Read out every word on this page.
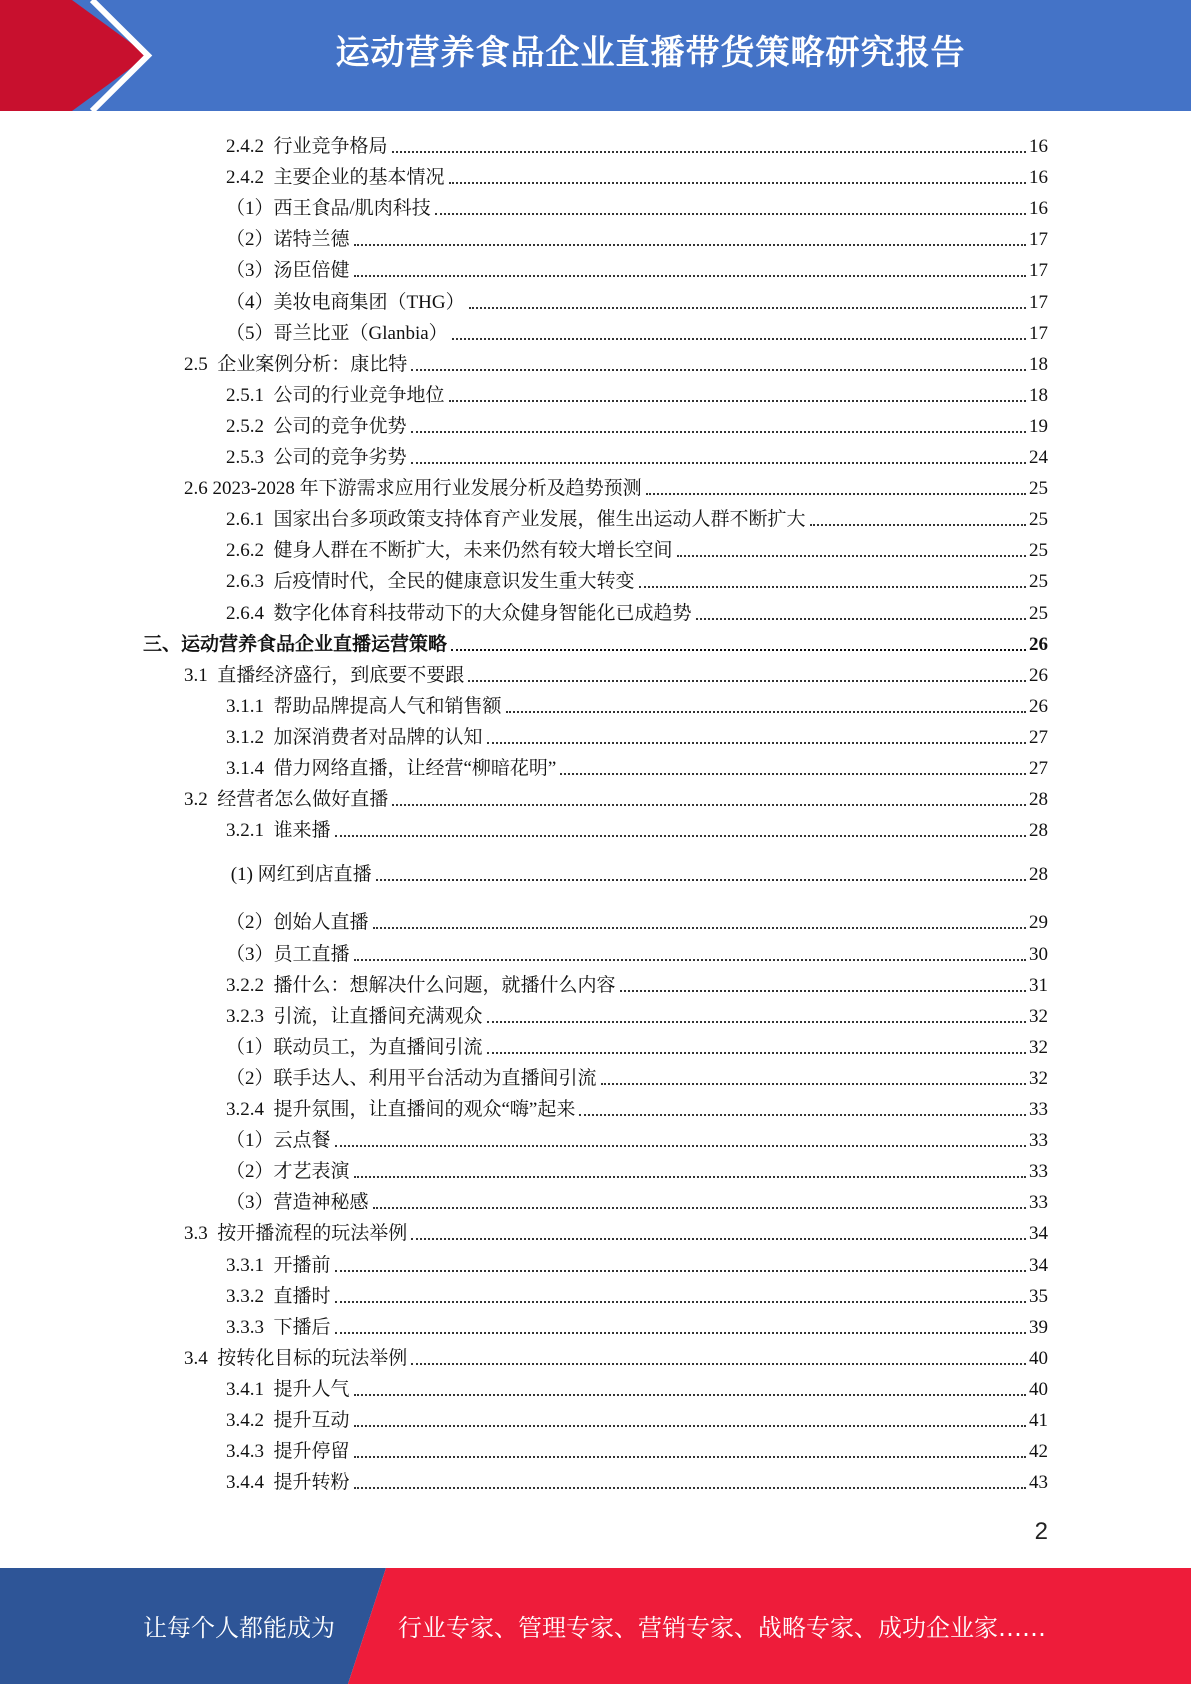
运动营养食品企业直播带货策略研究报告
2.4.2 行业竞争格局	16
2.4.2 主要企业的基本情况	16
（1） 西王食品/肌肉科技	16
（2） 诺特兰德	17
（3） 汤臣倍健	17
（4） 美妆电商集团（THG）	17
（5） 哥兰比亚（Glanbia）	17
2.5 企业案例分析：康比特	18
2.5.1 公司的行业竞争地位	18
2.5.2 公司的竞争优势	19
2.5.3 公司的竞争劣势	24
2.6 2023-2028 年下游需求应用行业发展分析及趋势预测	25
2.6.1 国家出台多项政策支持体育产业发展，催生出运动人群不断扩大	25
2.6.2 健身人群在不断扩大，未来仍然有较大增长空间	25
2.6.3 后疫情时代，全民的健康意识发生重大转变	25
2.6.4 数字化体育科技带动下的大众健身智能化已成趋势	25
三、 运动营养食品企业直播运营策略	26
3.1 直播经济盛行，到底要不要跟	26
3.1.1 帮助品牌提高人气和销售额	26
3.1.2 加深消费者对品牌的认知	27
3.1.4 借力网络直播，让经营“柳暗花明”	27
3.2 经营者怎么做好直播	28
3.2.1 谁来播	28
(1) 网红到店直播	28
（2） 创始人直播	29
（3） 员工直播	30
3.2.2 播什么：想解决什么问题，就播什么内容	31
3.2.3 引流，让直播间充满观众	32
（1） 联动员工，为直播间引流	32
（2） 联手达人、利用平台活动为直播间引流	32
3.2.4 提升氛围，让直播间的观众“嗨”起来	33
（1） 云点餐	33
（2） 才艺表演	33
（3） 营造神秘感	33
3.3 按开播流程的玩法举例	34
3.3.1 开播前	34
3.3.2 直播时	35
3.3.3 下播后	39
3.4 按转化目标的玩法举例	40
3.4.1 提升人气	40
3.4.2 提升互动	41
3.4.3 提升停留	42
3.4.4 提升转粉	43
2
让每个人都能成为	行业专家、管理专家、营销专家、战略专家、成功企业家……
